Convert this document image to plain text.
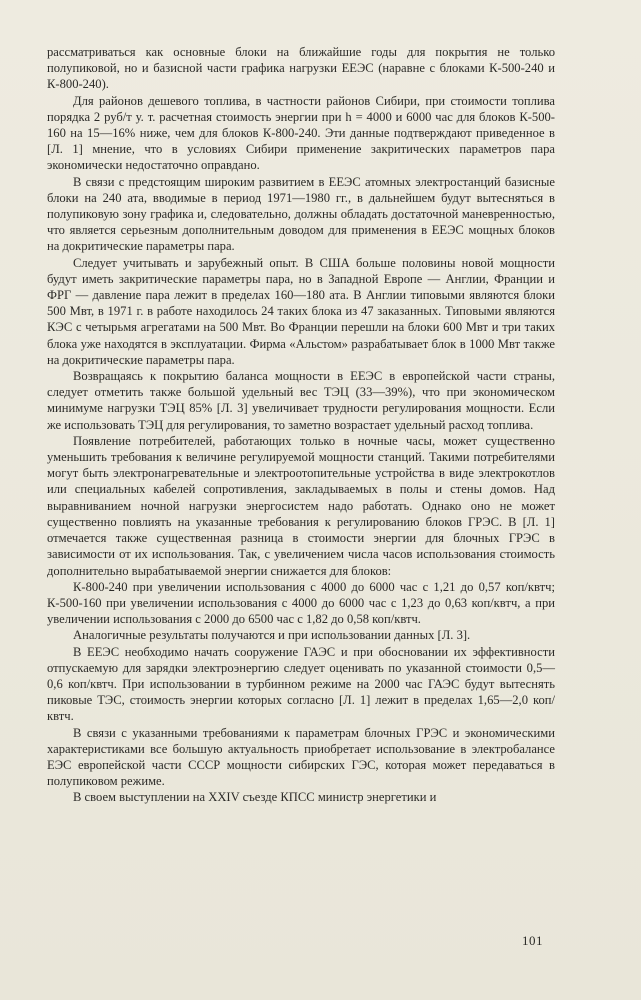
рассматриваться как основные блоки на ближайшие годы для покрытия не только полупиковой, но и базисной части графика нагрузки ЕЕЭС (наравне с блоками К-500-240 и К-800-240).

Для районов дешевого топлива, в частности районов Сибири, при стоимости топлива порядка 2 руб/т у. т. расчетная стоимость энергии при h = 4000 и 6000 час для блоков К-500-160 на 15—16% ниже, чем для блоков К-800-240. Эти данные подтверждают приведенное в [Л. 1] мнение, что в условиях Сибири применение закритических параметров пара экономически недостаточно оправдано.

В связи с предстоящим широким развитием в ЕЕЭС атомных электростанций базисные блоки на 240 ата, вводимые в период 1971—1980 гг., в дальнейшем будут вытесняться в полупиковую зону графика и, следовательно, должны обладать достаточной маневренностью, что является серьезным дополнительным доводом для применения в ЕЕЭС мощных блоков на докритические параметры пара.

Следует учитывать и зарубежный опыт. В США больше половины новой мощности будут иметь закритические параметры пара, но в Западной Европе — Англии, Франции и ФРГ — давление пара лежит в пределах 160—180 ата. В Англии типовыми являются блоки 500 Мвт, в 1971 г. в работе находилось 24 таких блока из 47 заказанных. Типовыми являются КЭС с четырьмя агрегатами на 500 Мвт. Во Франции перешли на блоки 600 Мвт и три таких блока уже находятся в эксплуатации. Фирма «Альстом» разрабатывает блок в 1000 Мвт также на докритические параметры пара.

Возвращаясь к покрытию баланса мощности в ЕЕЭС в европейской части страны, следует отметить также большой удельный вес ТЭЦ (33—39%), что при экономическом минимуме нагрузки ТЭЦ 85% [Л. 3] увеличивает трудности регулирования мощности. Если же использовать ТЭЦ для регулирования, то заметно возрастает удельный расход топлива.

Появление потребителей, работающих только в ночные часы, может существенно уменьшить требования к величине регулируемой мощности станций. Такими потребителями могут быть электронагревательные и электроотопительные устройства в виде электрокотлов или специальных кабелей сопротивления, закладываемых в полы и стены домов. Над выравниванием ночной нагрузки энергосистем надо работать. Однако оно не может существенно повлиять на указанные требования к регулированию блоков ГРЭС. В [Л. 1] отмечается также существенная разница в стоимости энергии для блочных ГРЭС в зависимости от их использования. Так, с увеличением числа часов использования стоимость дополнительно вырабатываемой энергии снижается для блоков:

К-800-240 при увеличении использования с 4000 до 6000 час с 1,21 до 0,57 коп/квтч; К-500-160 при увеличении использования с 4000 до 6000 час с 1,23 до 0,63 коп/квтч, а при увеличении использования с 2000 до 6500 час с 1,82 до 0,58 коп/квтч.

Аналогичные результаты получаются и при использовании данных [Л. 3].

В ЕЕЭС необходимо начать сооружение ГАЭС и при обосновании их эффективности отпускаемую для зарядки электроэнергию следует оценивать по указанной стоимости 0,5—0,6 коп/квтч. При использовании в турбинном режиме на 2000 час ГАЭС будут вытеснять пиковые ТЭС, стоимость энергии которых согласно [Л. 1] лежит в пределах 1,65—2,0 коп/квтч.

В связи с указанными требованиями к параметрам блочных ГРЭС и экономическими характеристиками все большую актуальность приобретает использование в электробалансе ЕЭС европейской части СССР мощности сибирских ГЭС, которая может передаваться в полупиковом режиме.

В своем выступлении на XXIV съезде КПСС министр энергетики и

101
